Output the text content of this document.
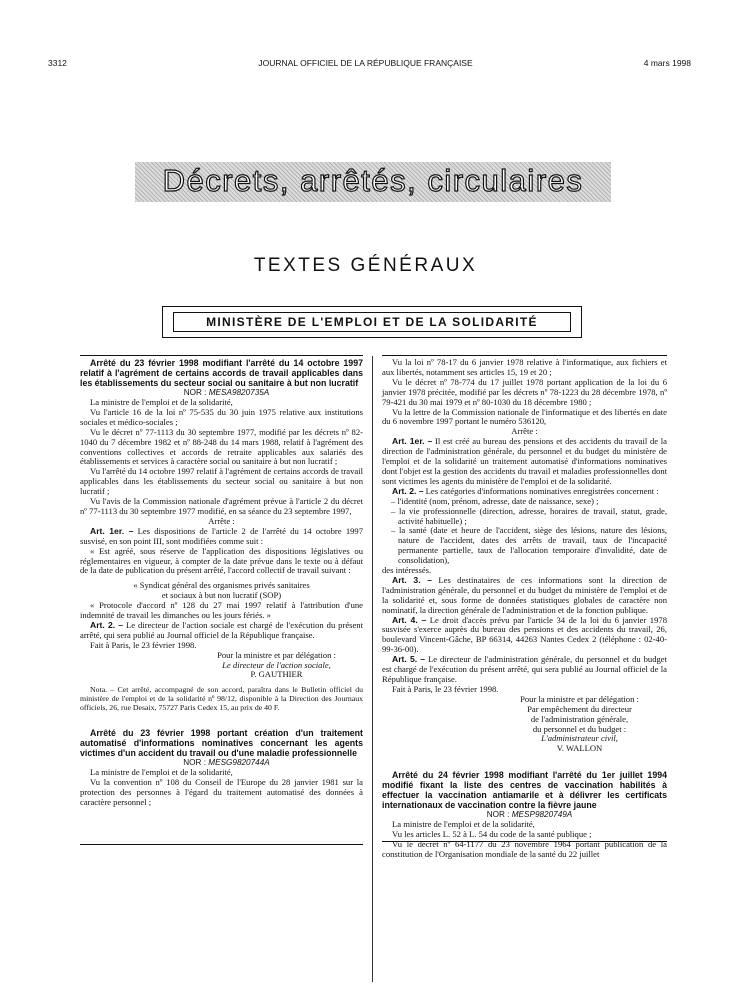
3312	JOURNAL OFFICIEL DE LA RÉPUBLIQUE FRANÇAISE	4 mars 1998
Décrets, arrêtés, circulaires
TEXTES GÉNÉRAUX
MINISTÈRE DE L'EMPLOI ET DE LA SOLIDARITÉ

Arrêté du 23 février 1998 modifiant l'arrêté du 14 octobre 1997 relatif à l'agrément de certains accords de travail applicables dans les établissements du secteur social ou sanitaire à but non lucratif

NOR : MESA9820735A

La ministre de l'emploi et de la solidarité,

Vu l'article 16 de la loi nº 75-535 du 30 juin 1975 relative aux institutions sociales et médico-sociales ;

Vu le décret nº 77-1113 du 30 septembre 1977, modifié par les décrets nº 82-1040 du 7 décembre 1982 et nº 88-248 du 14 mars 1988, relatif à l'agrément des conventions collectives et accords de retraite applicables aux salariés des établissements et services à caractère social ou sanitaire à but non lucratif ;

Vu l'arrêté du 14 octobre 1997 relatif à l'agrément de certains accords de travail applicables dans les établissements du secteur social ou sanitaire à but non lucratif ;

Vu l'avis de la Commission nationale d'agrément prévue à l'article 2 du décret nº 77-1113 du 30 septembre 1977 modifié, en sa séance du 23 septembre 1997,

Arrête :

Art. 1er. – Les dispositions de l'article 2 de l'arrêté du 14 octobre 1997 susvisé, en son point III, sont modifiées comme suit :

« Est agréé, sous réserve de l'application des dispositions législatives ou réglementaires en vigueur, à compter de la date prévue dans le texte ou à défaut de la date de publication du présent arrêté, l'accord collectif de travail suivant :

« Syndicat général des organismes privés sanitaires

et sociaux à but non lucratif (SOP)

« Protocole d'accord nº 128 du 27 mai 1997 relatif à l'attribution d'une indemnité de travail les dimanches ou les jours fériés. »

Art. 2. – Le directeur de l'action sociale est chargé de l'exécution du présent arrêté, qui sera publié au Journal officiel de la République française.

Fait à Paris, le 23 février 1998.

Pour la ministre et par délégation :

Le directeur de l'action sociale,

P. GAUTHIER

Nota. – Cet arrêté, accompagné de son accord, paraîtra dans le Bulletin officiel du ministère de l'emploi et de la solidarité nº 98/12, disponible à la Direction des Journaux officiels, 26, rue Desaix, 75727 Paris Cedex 15, au prix de 40 F.

Arrêté du 23 février 1998 portant création d'un traitement automatisé d'informations nominatives concernant les agents victimes d'un accident du travail ou d'une maladie professionnelle

NOR : MESG9820744A

La ministre de l'emploi et de la solidarité,

Vu la convention nº 108 du Conseil de l'Europe du 28 janvier 1981 sur la protection des personnes à l'égard du traitement automatisé des données à caractère personnel ;

Vu la loi nº 78-17 du 6 janvier 1978 relative à l'informatique, aux fichiers et aux libertés, notamment ses articles 15, 19 et 20 ;

Vu le décret nº 78-774 du 17 juillet 1978 portant application de la loi du 6 janvier 1978 précitée, modifié par les décrets nº 78-1223 du 28 décembre 1978, nº 79-421 du 30 mai 1979 et nº 80-1030 du 18 décembre 1980 ;

Vu la lettre de la Commission nationale de l'informatique et des libertés en date du 6 novembre 1997 portant le numéro 536120,

Arrête :

Art. 1er. – Il est créé au bureau des pensions et des accidents du travail de la direction de l'administration générale, du personnel et du budget du ministère de l'emploi et de la solidarité un traitement automatisé d'informations nominatives dont l'objet est la gestion des accidents du travail et maladies professionnelles dont sont victimes les agents du ministère de l'emploi et de la solidarité.

Art. 2. – Les catégories d'informations nominatives enregistrées concernent :

– l'identité (nom, prénom, adresse, date de naissance, sexe) ;

– la vie professionnelle (direction, adresse, horaires de travail, statut, grade, activité habituelle) ;

– la santé (date et heure de l'accident, siège des lésions, nature des lésions, nature de l'accident, dates des arrêts de travail, taux de l'incapacité permanente partielle, taux de l'allocation temporaire d'invalidité, date de consolidation),

des intéressés.

Art. 3. – Les destinataires de ces informations sont la direction de l'administration générale, du personnel et du budget du ministère de l'emploi et de la solidarité et, sous forme de données statistiques globales de caractère non nominatif, la direction générale de l'administration et de la fonction publique.

Art. 4. – Le droit d'accès prévu par l'article 34 de la loi du 6 janvier 1978 susvisée s'exerce auprès du bureau des pensions et des accidents du travail, 26, boulevard Vincent-Gâche, BP 66314, 44263 Nantes Cedex 2 (téléphone : 02-40-99-36-00).

Art. 5. – Le directeur de l'administration générale, du personnel et du budget est chargé de l'exécution du présent arrêté, qui sera publié au Journal officiel de la République française.

Fait à Paris, le 23 février 1998.

Pour la ministre et par délégation :

Par empêchement du directeur

de l'administration générale,

du personnel et du budget :

L'administrateur civil,

V. WALLON

Arrêté du 24 février 1998 modifiant l'arrêté du 1er juillet 1994 modifié fixant la liste des centres de vaccination habilités à effectuer la vaccination antiamarile et à délivrer les certificats internationaux de vaccination contre la fièvre jaune

NOR : MESP9820749A

La ministre de l'emploi et de la solidarité,

Vu les articles L. 52 à L. 54 du code de la santé publique ;

Vu le décret nº 64-1177 du 23 novembre 1964 portant publication de la constitution de l'Organisation mondiale de la santé du 22 juillet
